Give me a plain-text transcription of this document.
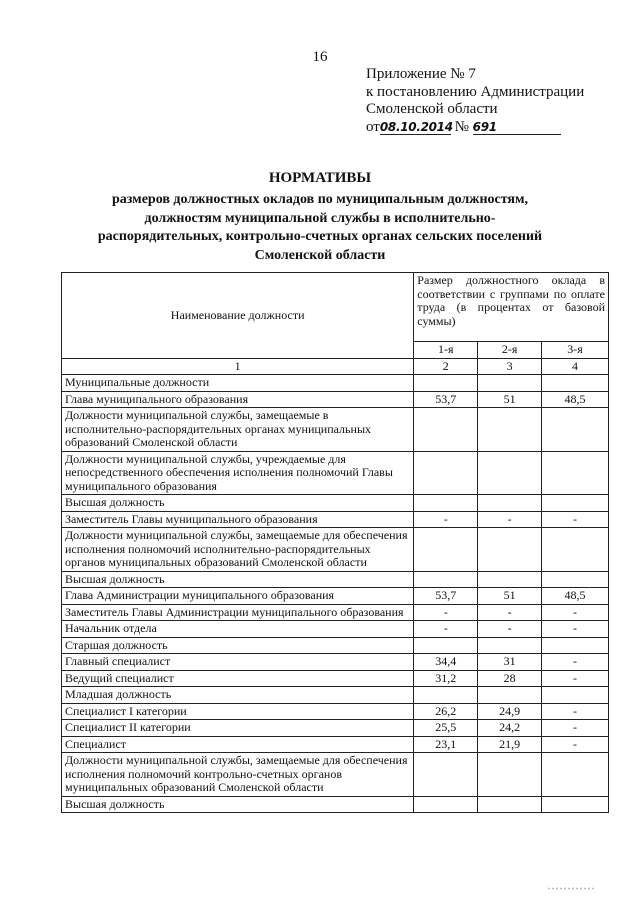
16
Приложение № 7
к постановлению Администрации
Смоленской области
от08.10.2014 № 691
НОРМАТИВЫ
размеров должностных окладов по муниципальным должностям,
должностям муниципальной службы в исполнительно-
распорядительных, контрольно-счетных органах сельских поселений
Смоленской области
Наименование должности	Размер должностного оклада в соответствии с группами по оплате труда (в процентах от базовой суммы)		
	1-я	2-я	3-я
1	2	3	4
Муниципальные должности			
Глава муниципального образования	53,7	51	48,5
Должности муниципальной службы, замещаемые в исполнительно-распорядительных органах муниципальных образований Смоленской области			
Должности муниципальной службы, учреждаемые для непосредственного обеспечения исполнения полномочий Главы муниципального образования			
Высшая должность			
Заместитель Главы муниципального образования	-	-	-
Должности муниципальной службы, замещаемые для обеспечения исполнения полномочий исполнительно-распорядительных органов муниципальных образований Смоленской области			
Высшая должность			
Глава Администрации муниципального образования	53,7	51	48,5
Заместитель Главы Администрации муниципального образования	-	-	-
Начальник отдела	-	-	-
Старшая должность			
Главный специалист	34,4	31	-
Ведущий специалист	31,2	28	-
Младшая должность			
Специалист I категории	26,2	24,9	-
Специалист II категории	25,5	24,2	-
Специалист	23,1	21,9	-
Должности муниципальной службы, замещаемые для обеспечения исполнения полномочий контрольно-счетных органов муниципальных образований Смоленской области			
Высшая должность			
